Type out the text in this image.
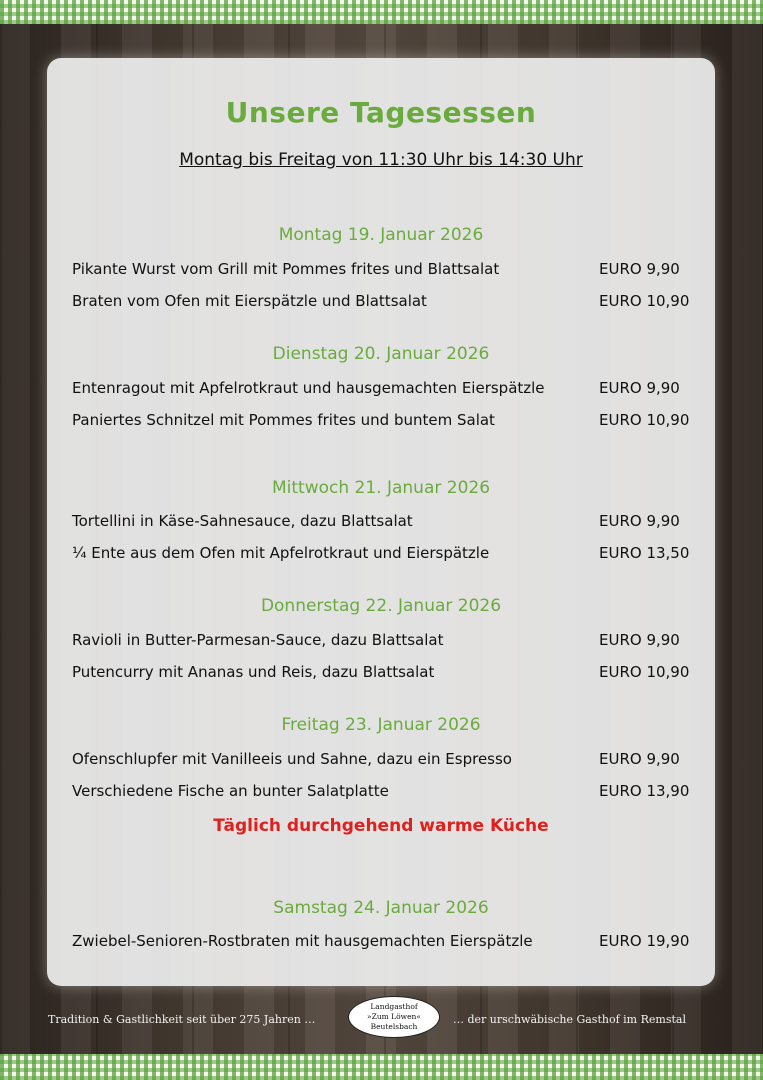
Unsere Tagesessen
Montag bis Freitag von 11:30 Uhr bis 14:30 Uhr
Montag 19. Januar 2026
Pikante Wurst vom Grill mit Pommes frites und Blattsalat	EURO 9,90
Braten vom Ofen mit Eierspätzle und Blattsalat	EURO 10,90
Dienstag 20. Januar 2026
Entenragout mit Apfelrotkraut und hausgemachten Eierspätzle	EURO 9,90
Paniertes Schnitzel mit Pommes frites und buntem Salat	EURO 10,90
Mittwoch 21. Januar 2026
Tortellini in Käse-Sahnesauce, dazu Blattsalat	EURO 9,90
¼ Ente aus dem Ofen mit Apfelrotkraut und Eierspätzle	EURO 13,50
Donnerstag 22. Januar 2026
Ravioli in Butter-Parmesan-Sauce, dazu Blattsalat	EURO 9,90
Putencurry mit Ananas und Reis, dazu Blattsalat	EURO 10,90
Freitag 23. Januar 2026
Ofenschlupfer mit Vanilleeis und Sahne, dazu ein Espresso	EURO 9,90
Verschiedene Fische an bunter Salatplatte	EURO 13,90
Täglich durchgehend warme Küche
Samstag 24. Januar 2026
Zwiebel-Senioren-Rostbraten mit hausgemachten Eierspätzle	EURO 19,90
Tradition & Gastlichkeit seit über 275 Jahren …
Landgasthof
»Zum Löwen«
Beutelsbach
… der urschwäbische Gasthof im Remstal
